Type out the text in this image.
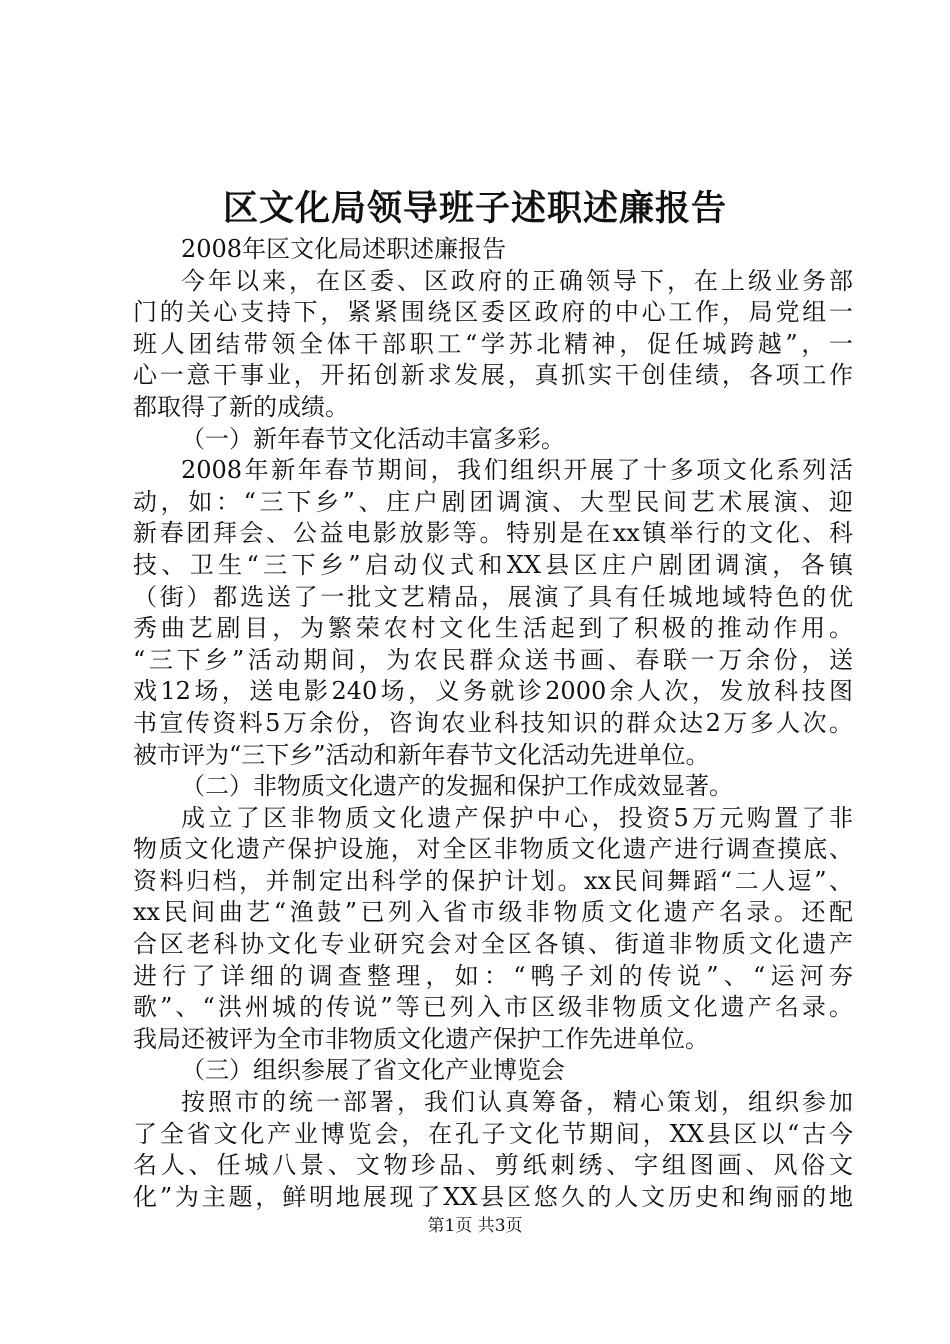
区文化局领导班子述职述廉报告
2008年区文化局述职述廉报告
今年以来，在区委、区政府的正确领导下，在上级业务部
门的关心支持下，紧紧围绕区委区政府的中心工作，局党组一
班人团结带领全体干部职工“学苏北精神，促任城跨越”，一
心一意干事业，开拓创新求发展，真抓实干创佳绩，各项工作
都取得了新的成绩。
（一）新年春节文化活动丰富多彩。
2008年新年春节期间，我们组织开展了十多项文化系列活
动，如：“三下乡”、庄户剧团调演、大型民间艺术展演、迎
新春团拜会、公益电影放影等。特别是在xx镇举行的文化、科
技、卫生“三下乡”启动仪式和XX县区庄户剧团调演，各镇
（街）都选送了一批文艺精品，展演了具有任城地域特色的优
秀曲艺剧目，为繁荣农村文化生活起到了积极的推动作用。
“三下乡”活动期间，为农民群众送书画、春联一万余份，送
戏12场，送电影240场，义务就诊2000余人次，发放科技图
书宣传资料5万余份，咨询农业科技知识的群众达2万多人次。
被市评为“三下乡”活动和新年春节文化活动先进单位。
（二）非物质文化遗产的发掘和保护工作成效显著。
成立了区非物质文化遗产保护中心，投资5万元购置了非
物质文化遗产保护设施，对全区非物质文化遗产进行调查摸底、
资料归档，并制定出科学的保护计划。xx民间舞蹈“二人逗”、
xx民间曲艺“渔鼓”已列入省市级非物质文化遗产名录。还配
合区老科协文化专业研究会对全区各镇、街道非物质文化遗产
进行了详细的调查整理，如：“鸭子刘的传说”、“运河夯
歌”、“洪州城的传说”等已列入市区级非物质文化遗产名录。
我局还被评为全市非物质文化遗产保护工作先进单位。
（三）组织参展了省文化产业博览会
按照市的统一部署，我们认真筹备，精心策划，组织参加
了全省文化产业博览会，在孔子文化节期间，XX县区以“古今
名人、任城八景、文物珍品、剪纸刺绣、字组图画、风俗文
化”为主题，鲜明地展现了XX县区悠久的人文历史和绚丽的地
第1页 共3页
